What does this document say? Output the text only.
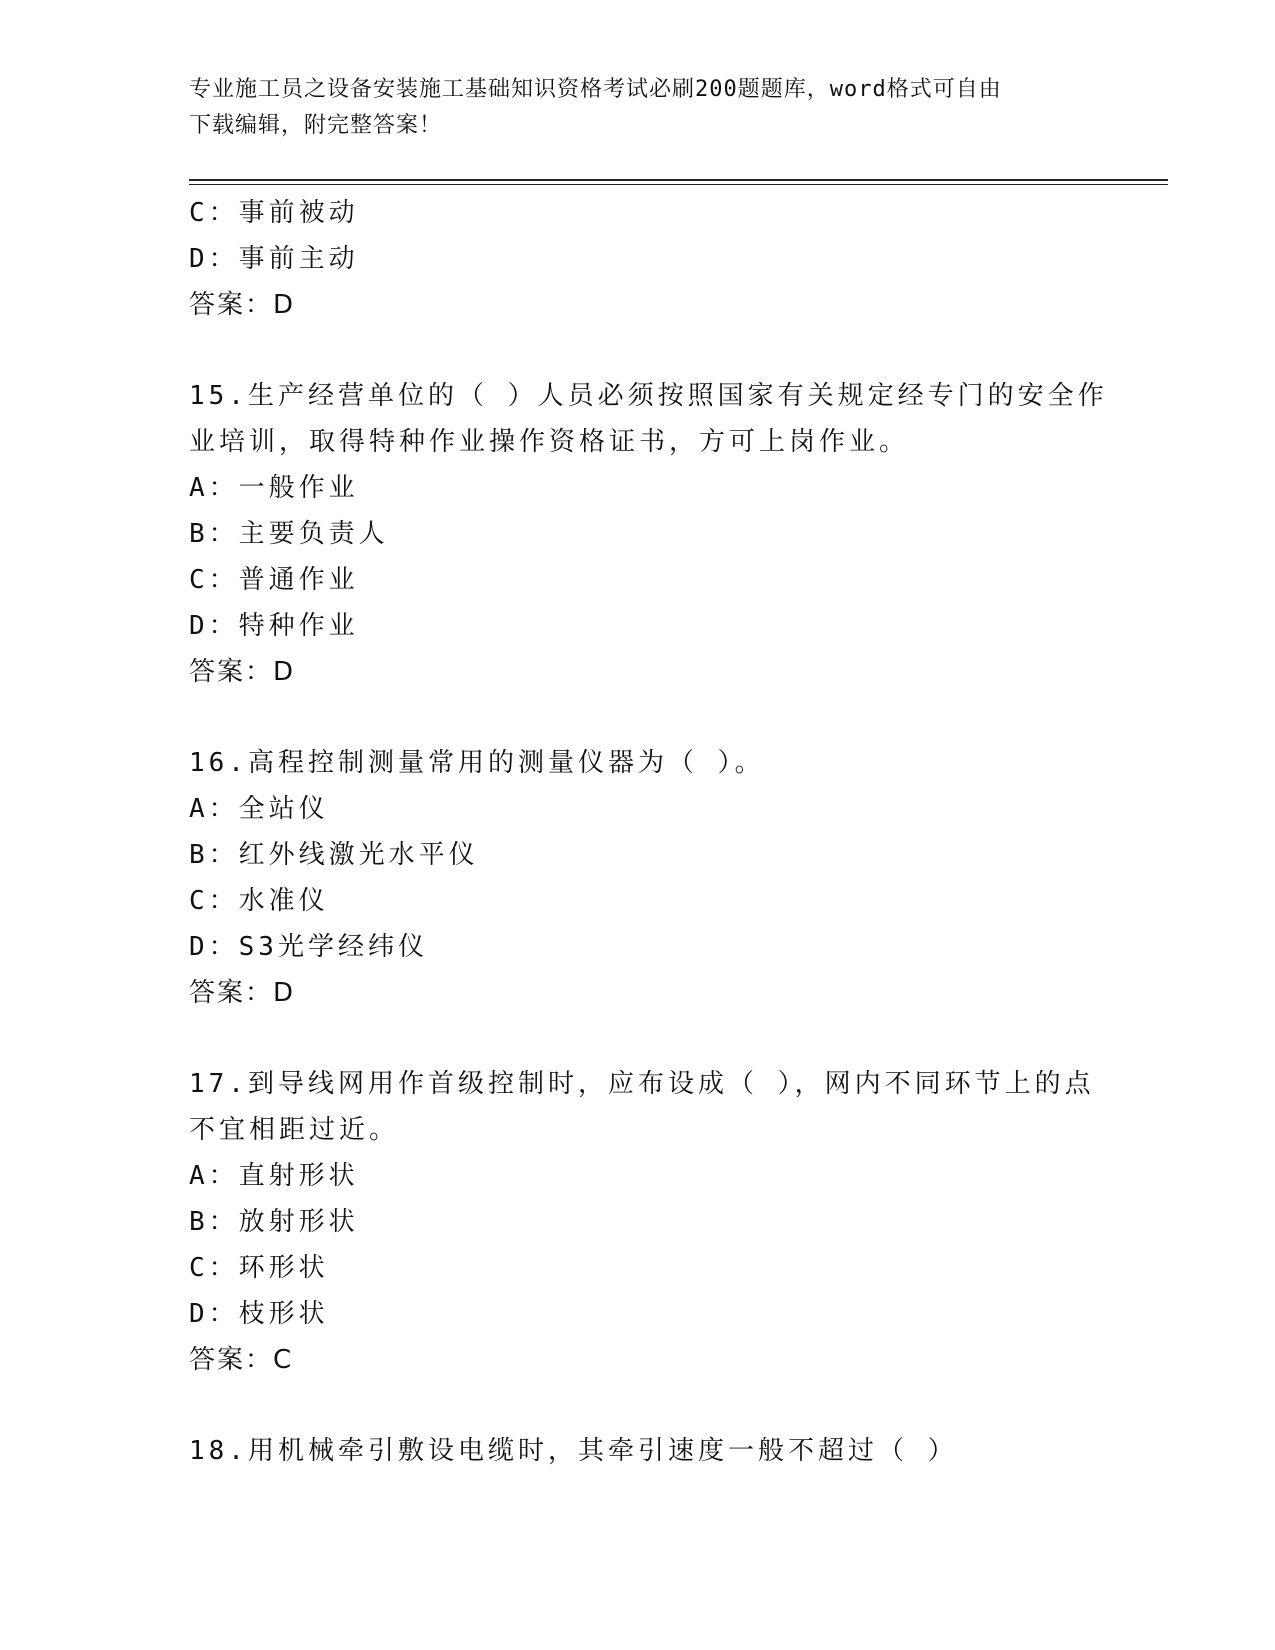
专业施工员之设备安装施工基础知识资格考试必刷200题题库，word格式可自由
下载编辑，附完整答案！
C：事前被动
D：事前主动
答案：D
15.生产经营单位的（ ）人员必须按照国家有关规定经专门的安全作
业培训，取得特种作业操作资格证书，方可上岗作业。
A：一般作业
B：主要负责人
C：普通作业
D：特种作业
答案：D
16.高程控制测量常用的测量仪器为（ ）。
A：全站仪
B：红外线激光水平仪
C：水准仪
D：S3光学经纬仪
答案：D
17.到导线网用作首级控制时，应布设成（ ），网内不同环节上的点
不宜相距过近。
A：直射形状
B：放射形状
C：环形状
D：枝形状
答案：C
18.用机械牵引敷设电缆时，其牵引速度一般不超过（ ）
